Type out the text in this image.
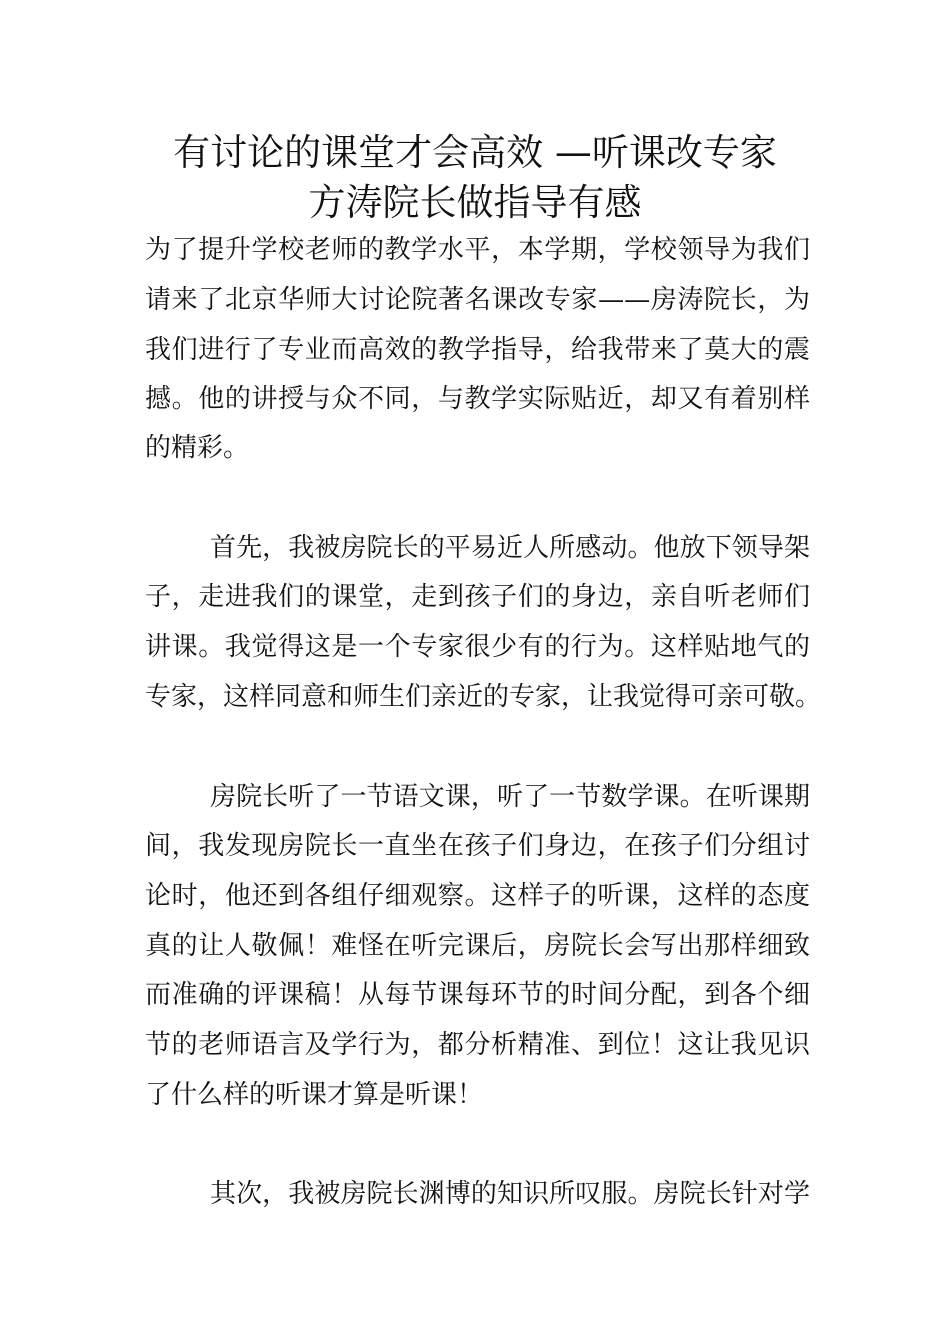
有讨论的课堂才会高效 —听课改专家
方涛院长做指导有感
为了提升学校老师的教学水平，本学期，学校领导为我们
请来了北京华师大讨论院著名课改专家——房涛院长，为
我们进行了专业而高效的教学指导，给我带来了莫大的震
撼。他的讲授与众不同，与教学实际贴近，却又有着别样
的精彩。
首先，我被房院长的平易近人所感动。他放下领导架
子，走进我们的课堂，走到孩子们的身边，亲自听老师们
讲课。我觉得这是一个专家很少有的行为。这样贴地气的
专家，这样同意和师生们亲近的专家，让我觉得可亲可敬。
房院长听了一节语文课，听了一节数学课。在听课期
间，我发现房院长一直坐在孩子们身边，在孩子们分组讨
论时，他还到各组仔细观察。这样子的听课，这样的态度
真的让人敬佩！难怪在听完课后，房院长会写出那样细致
而准确的评课稿！从每节课每环节的时间分配，到各个细
节的老师语言及学行为，都分析精准、到位！这让我见识
了什么样的听课才算是听课！
其次，我被房院长渊博的知识所叹服。房院长针对学
